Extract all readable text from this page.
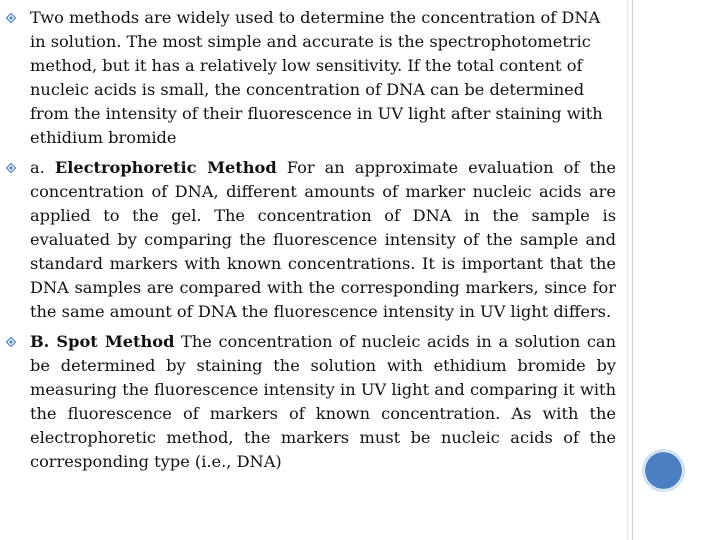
Two methods are widely used to determine the concentration of DNA in solution. The most simple and accurate is the spectrophotometric method, but it has a relatively low sensitivity. If the total content of nucleic acids is small, the concentration of DNA can be determined from the intensity of their fluorescence in UV light after staining with ethidium bromide
a. Electrophoretic Method For an approximate evaluation of the concentration of DNA, different amounts of marker nucleic acids are applied to the gel. The concentration of DNA in the sample is evaluated by comparing the fluorescence intensity of the sample and standard markers with known concentrations. It is important that the DNA samples are compared with the corresponding markers, since for the same amount of DNA the fluorescence intensity in UV light differs.
B. Spot Method The concentration of nucleic acids in a solution can be determined by staining the solution with ethidium bromide by measuring the fluorescence intensity in UV light and comparing it with the fluorescence of markers of known concentration. As with the electrophoretic method, the markers must be nucleic acids of the corresponding type (i.e., DNA)
